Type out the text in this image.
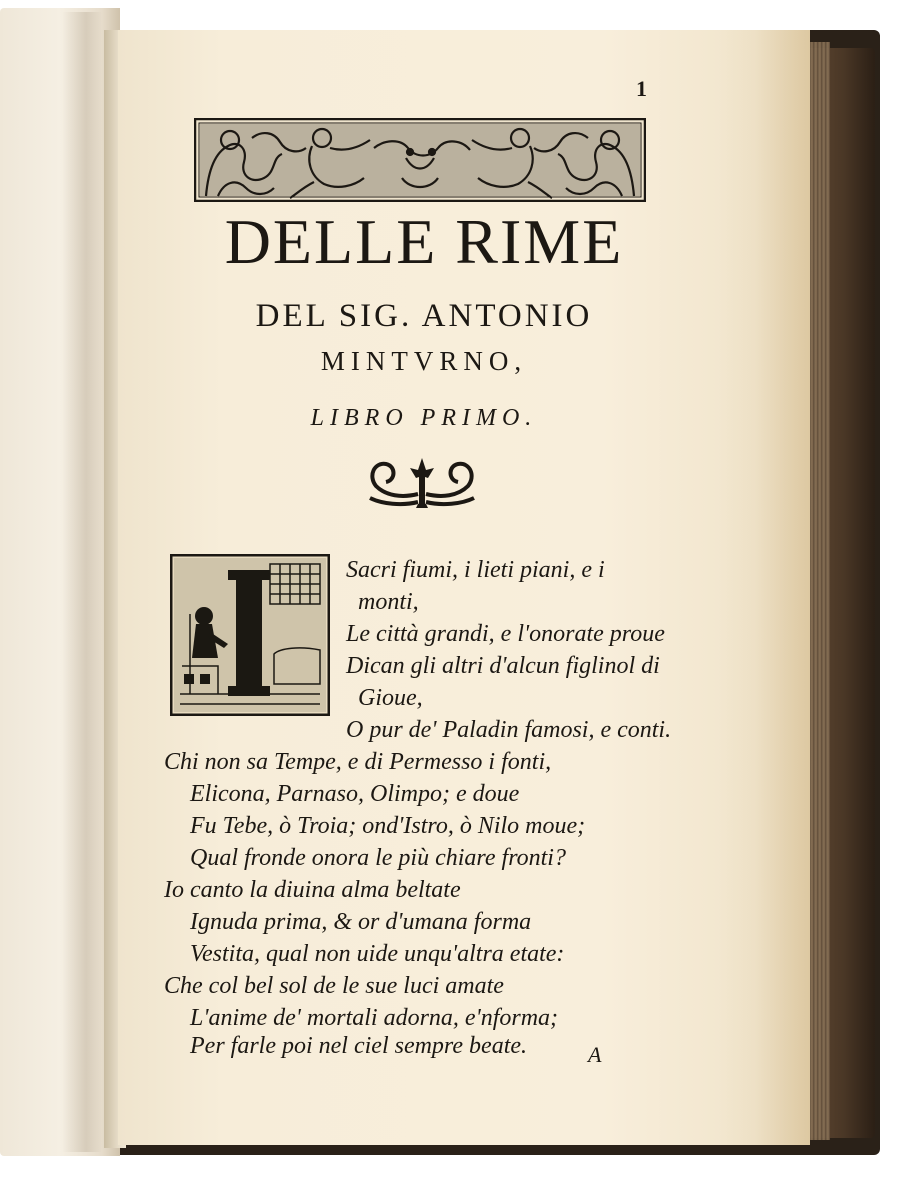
1
DELLE RIME
DEL SIG. ANTONIO
MINTVRNO,
LIBRO PRIMO.
Sacri fiumi, i lieti piani, e i
monti,
Le città grandi, e l'onorate proue
Dican gli altri d'alcun figlinol di
Gioue,
O pur de' Paladin famosi, e conti.
Chi non sa Tempe, e di Permesso i fonti,
Elicona, Parnaso, Olimpo; e doue
Fu Tebe, ò Troia; ond'Istro, ò Nilo moue;
Qual fronde onora le più chiare fronti?
Io canto la diuina alma beltate
Ignuda prima, & or d'umana forma
Vestita, qual non uide unqu'altra etate:
Che col bel sol de le sue luci amate
L'anime de' mortali adorna, e'nforma;
Per farle poi nel ciel sempre beate.	A
